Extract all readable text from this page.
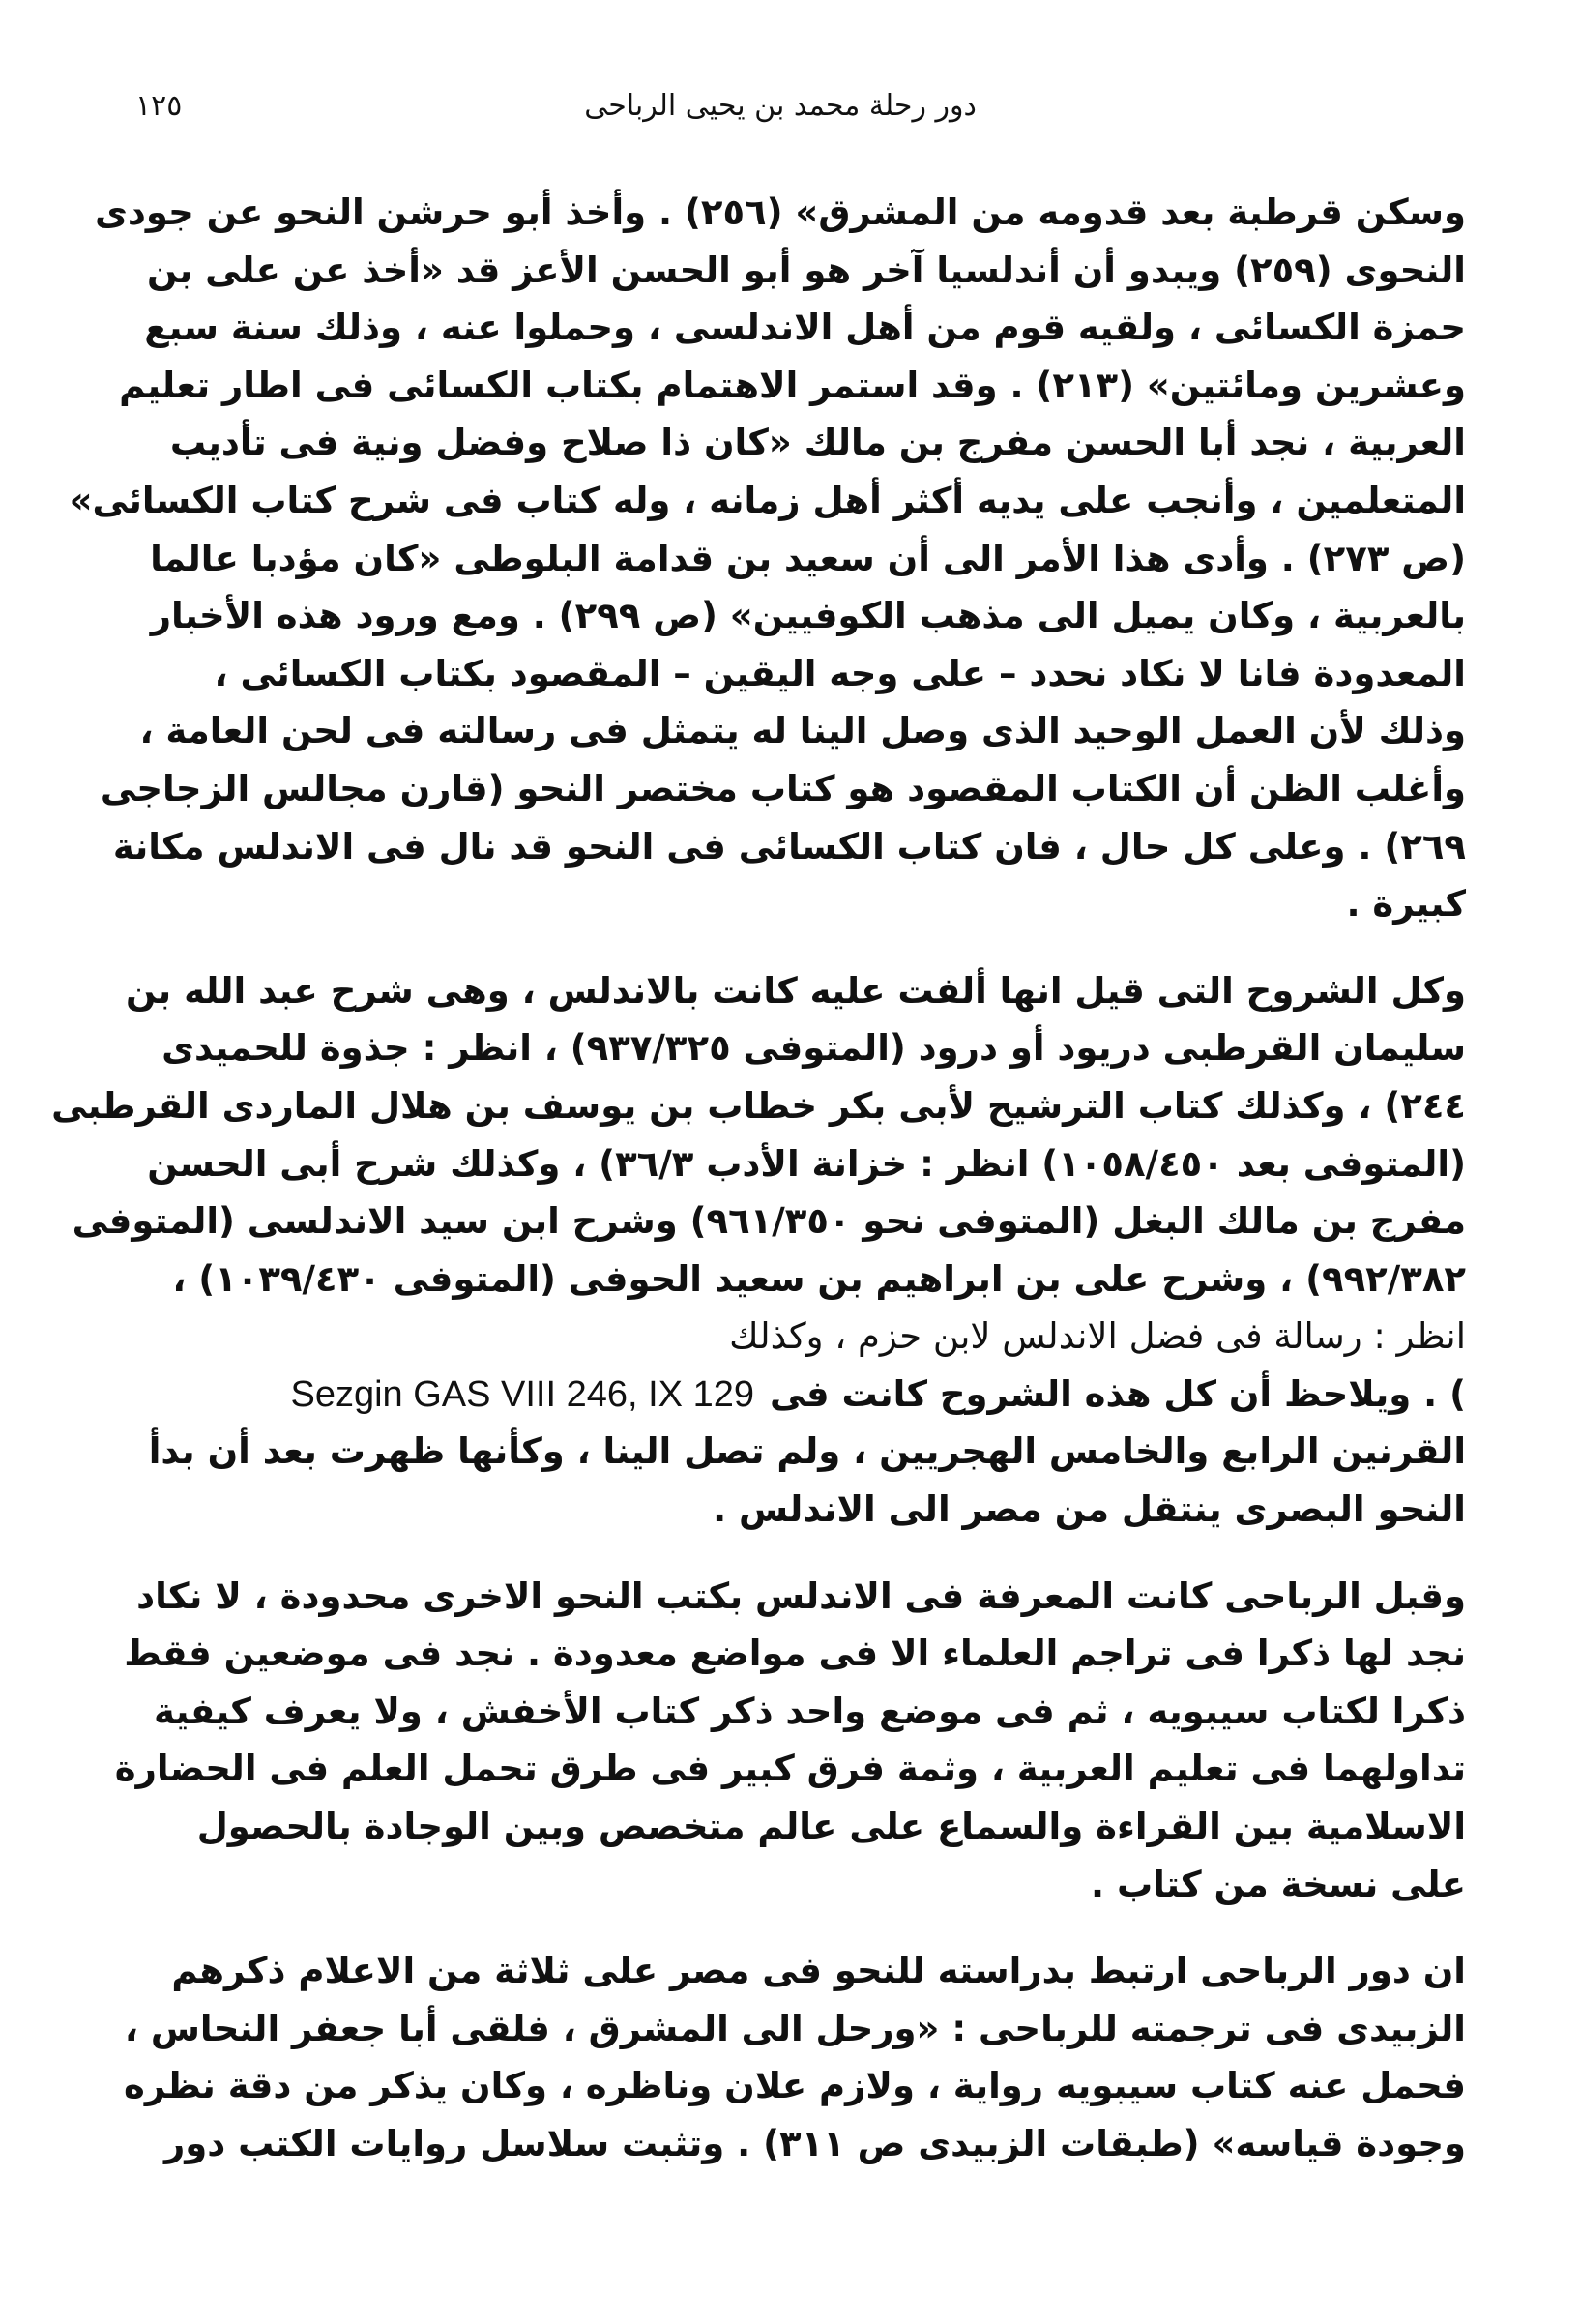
دور رحلة محمد بن يحيى الرباحى
١٢٥
وسكن قرطبة بعد قدومه من المشرق» (٢٥٦) . وأخذ أبو حرشن النحو عن جودى
النحوى (٢٥٩) ويبدو أن أندلسيا آخر هو أبو الحسن الأعز قد «أخذ عن على بن
حمزة الكسائى ، ولقيه قوم من أهل الاندلسى ، وحملوا عنه ، وذلك سنة سبع
وعشرين ومائتين» (٢١٣) . وقد استمر الاهتمام بكتاب الكسائى فى اطار تعليم
العربية ، نجد أبا الحسن مفرج بن مالك «كان ذا صلاح وفضل ونية فى تأديب
المتعلمين ، وأنجب على يديه أكثر أهل زمانه ، وله كتاب فى شرح كتاب الكسائى»
(ص ٢٧٣) . وأدى هذا الأمر الى أن سعيد بن قدامة البلوطى «كان مؤدبا عالما
بالعربية ، وكان يميل الى مذهب الكوفيين» (ص ٢٩٩) . ومع ورود هذه الأخبار
المعدودة فانا لا نكاد نحدد – على وجه اليقين – المقصود بكتاب الكسائى ،
وذلك لأن العمل الوحيد الذى وصل الينا له يتمثل فى رسالته فى لحن العامة ،
وأغلب الظن أن الكتاب المقصود هو كتاب مختصر النحو (قارن مجالس الزجاجى
٢٦٩) . وعلى كل حال ، فان كتاب الكسائى فى النحو قد نال فى الاندلس مكانة
كبيرة .
وكل الشروح التى قيل انها ألفت عليه كانت بالاندلس ، وهى شرح عبد الله بن
سليمان القرطبى دريود أو درود (المتوفى ٩٣٧/٣٢٥) ، انظر : جذوة للحميدى
٢٤٤) ، وكذلك كتاب الترشيح لأبى بكر خطاب بن يوسف بن هلال الماردى القرطبى
(المتوفى بعد ١٠٥٨/٤٥٠) انظر : خزانة الأدب ٣٦/٣) ، وكذلك شرح أبى الحسن
مفرج بن مالك البغل (المتوفى نحو ٩٦١/٣٥٠) وشرح ابن سيد الاندلسى (المتوفى
٩٩٢/٣٨٢) ، وشرح على بن ابراهيم بن سعيد الحوفى (المتوفى ١٠٣٩/٤٣٠) ،
انظر : رسالة فى فضل الاندلس لابن حزم ، وكذلك
) . ويلاحظ أن كل هذه الشروح كانت فىSezgin GAS VIII 246, IX 129
القرنين الرابع والخامس الهجريين ، ولم تصل الينا ، وكأنها ظهرت بعد أن بدأ
النحو البصرى ينتقل من مصر الى الاندلس .
وقبل الرباحى كانت المعرفة فى الاندلس بكتب النحو الاخرى محدودة ، لا نكاد
نجد لها ذكرا فى تراجم العلماء الا فى مواضع معدودة . نجد فى موضعين فقط
ذكرا لكتاب سيبويه ، ثم فى موضع واحد ذكر كتاب الأخفش ، ولا يعرف كيفية
تداولهما فى تعليم العربية ، وثمة فرق كبير فى طرق تحمل العلم فى الحضارة
الاسلامية بين القراءة والسماع على عالم متخصص وبين الوجادة بالحصول
على نسخة من كتاب .
ان دور الرباحى ارتبط بدراسته للنحو فى مصر على ثلاثة من الاعلام ذكرهم
الزبيدى فى ترجمته للرباحى : «ورحل الى المشرق ، فلقى أبا جعفر النحاس ،
فحمل عنه كتاب سيبويه رواية ، ولازم علان وناظره ، وكان يذكر من دقة نظره
وجودة قياسه» (طبقات الزبيدى ص ٣١١) . وتثبت سلاسل روايات الكتب دور
